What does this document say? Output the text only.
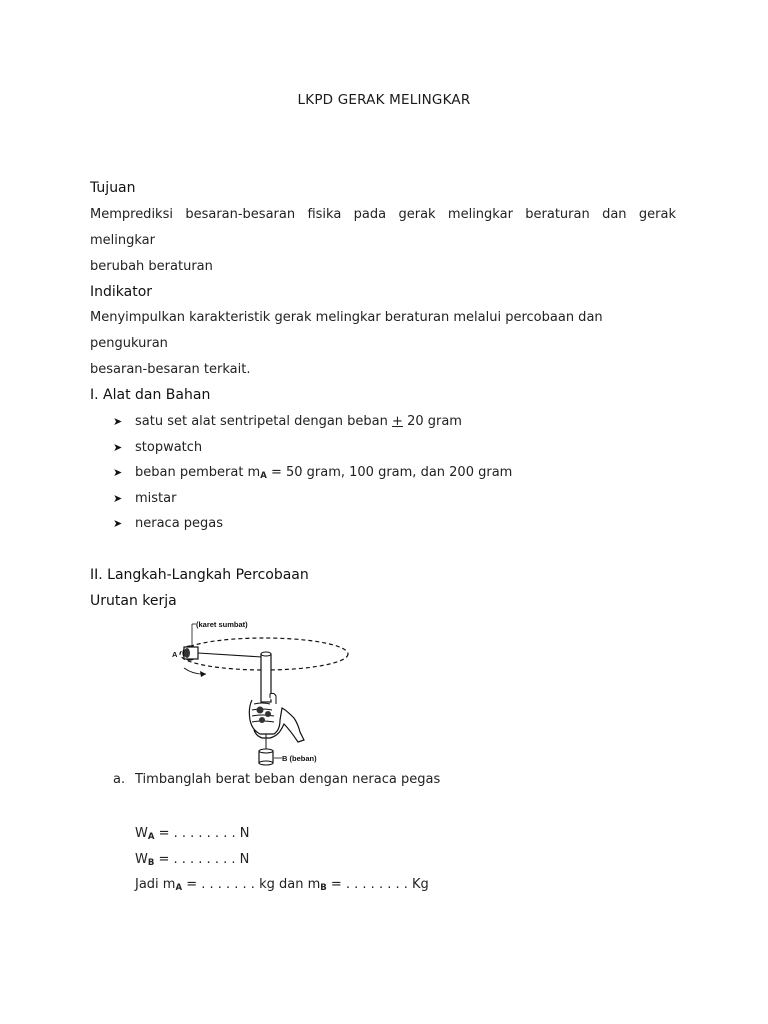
LKPD GERAK MELINGKAR
Tujuan
Memprediksi besaran-besaran fisika pada gerak melingkar beraturan dan gerak melingkar
berubah beraturan
Indikator
Menyimpulkan karakteristik gerak melingkar beraturan melalui percobaan dan pengukuran
besaran-besaran terkait.
I. Alat dan Bahan
➤ satu set alat sentripetal dengan beban + 20 gram
➤ stopwatch
➤ beban pemberat $m_A = 50$ gram, 100 gram, dan 200 gram
➤ mistar
➤ neraca pegas
II. Langkah-Langkah Percobaan
Urutan kerja
(karet sumbat)
A
B (beban)
a. Timbanglah berat beban dengan neraca pegas
$W_A$ = . . . . . . . . N
$W_B$ = . . . . . . . . N
Jadi $m_A$ = . . . . . . . kg dan $m_B$ = . . . . . . . . Kg
